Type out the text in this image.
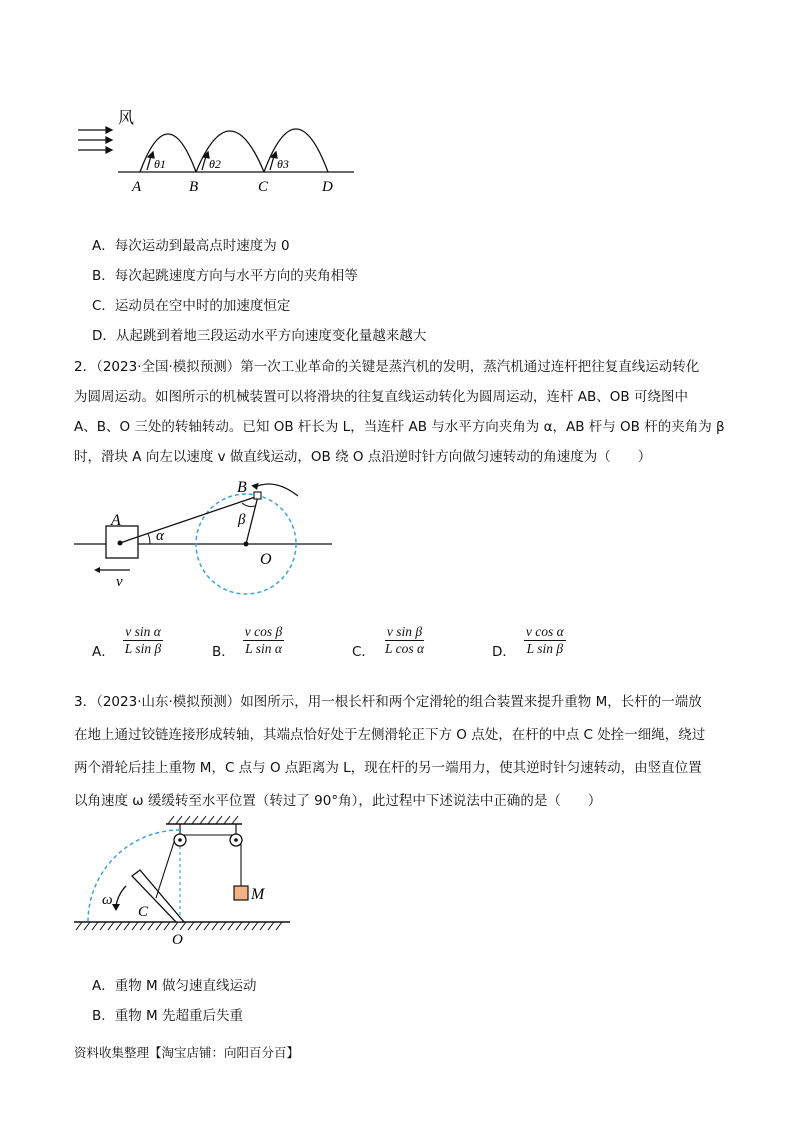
风
θ1	θ2	θ3
A	B	C	D
A．每次运动到最高点时速度为 0
B．每次起跳速度方向与水平方向的夹角相等
C．运动员在空中时的加速度恒定
D．从起跳到着地三段运动水平方向速度变化量越来越大
2．（2023·全国·模拟预测）第一次工业革命的关键是蒸汽机的发明，蒸汽机通过连杆把往复直线运动转化
为圆周运动。如图所示的机械装置可以将滑块的往复直线运动转化为圆周运动，连杆 AB、OB 可绕图中
A、B、O 三处的转轴转动。已知 OB 杆长为 L，当连杆 AB 与水平方向夹角为 α，AB 杆与 OB 杆的夹角为 β
时，滑块 A 向左以速度 v 做直线运动，OB 绕 O 点沿逆时针方向做匀速转动的角速度为（　　）
A
B
O
α
β
v
A． $\frac{\text{v sin α}}{\text{L sin β}}$	B． $\frac{\text{v cos β}}{\text{L sin α}}$	C． $\frac{\text{v sin β}}{\text{L cos α}}$	D． $\frac{\text{v cos α}}{\text{L sin β}}$
3．（2023·山东·模拟预测）如图所示，用一根长杆和两个定滑轮的组合装置来提升重物 M，长杆的一端放
在地上通过铰链连接形成转轴，其端点恰好处于左侧滑轮正下方 O 点处，在杆的中点 C 处拴一细绳，绕过
两个滑轮后挂上重物 M，C 点与 O 点距离为 L，现在杆的另一端用力，使其逆时针匀速转动，由竖直位置
以角速度 ω 缓缓转至水平位置（转过了 90°角），此过程中下述说法中正确的是（　　）
M
ω
C
O
A．重物 M 做匀速直线运动
B．重物 M 先超重后失重
资料收集整理【淘宝店铺：向阳百分百】
